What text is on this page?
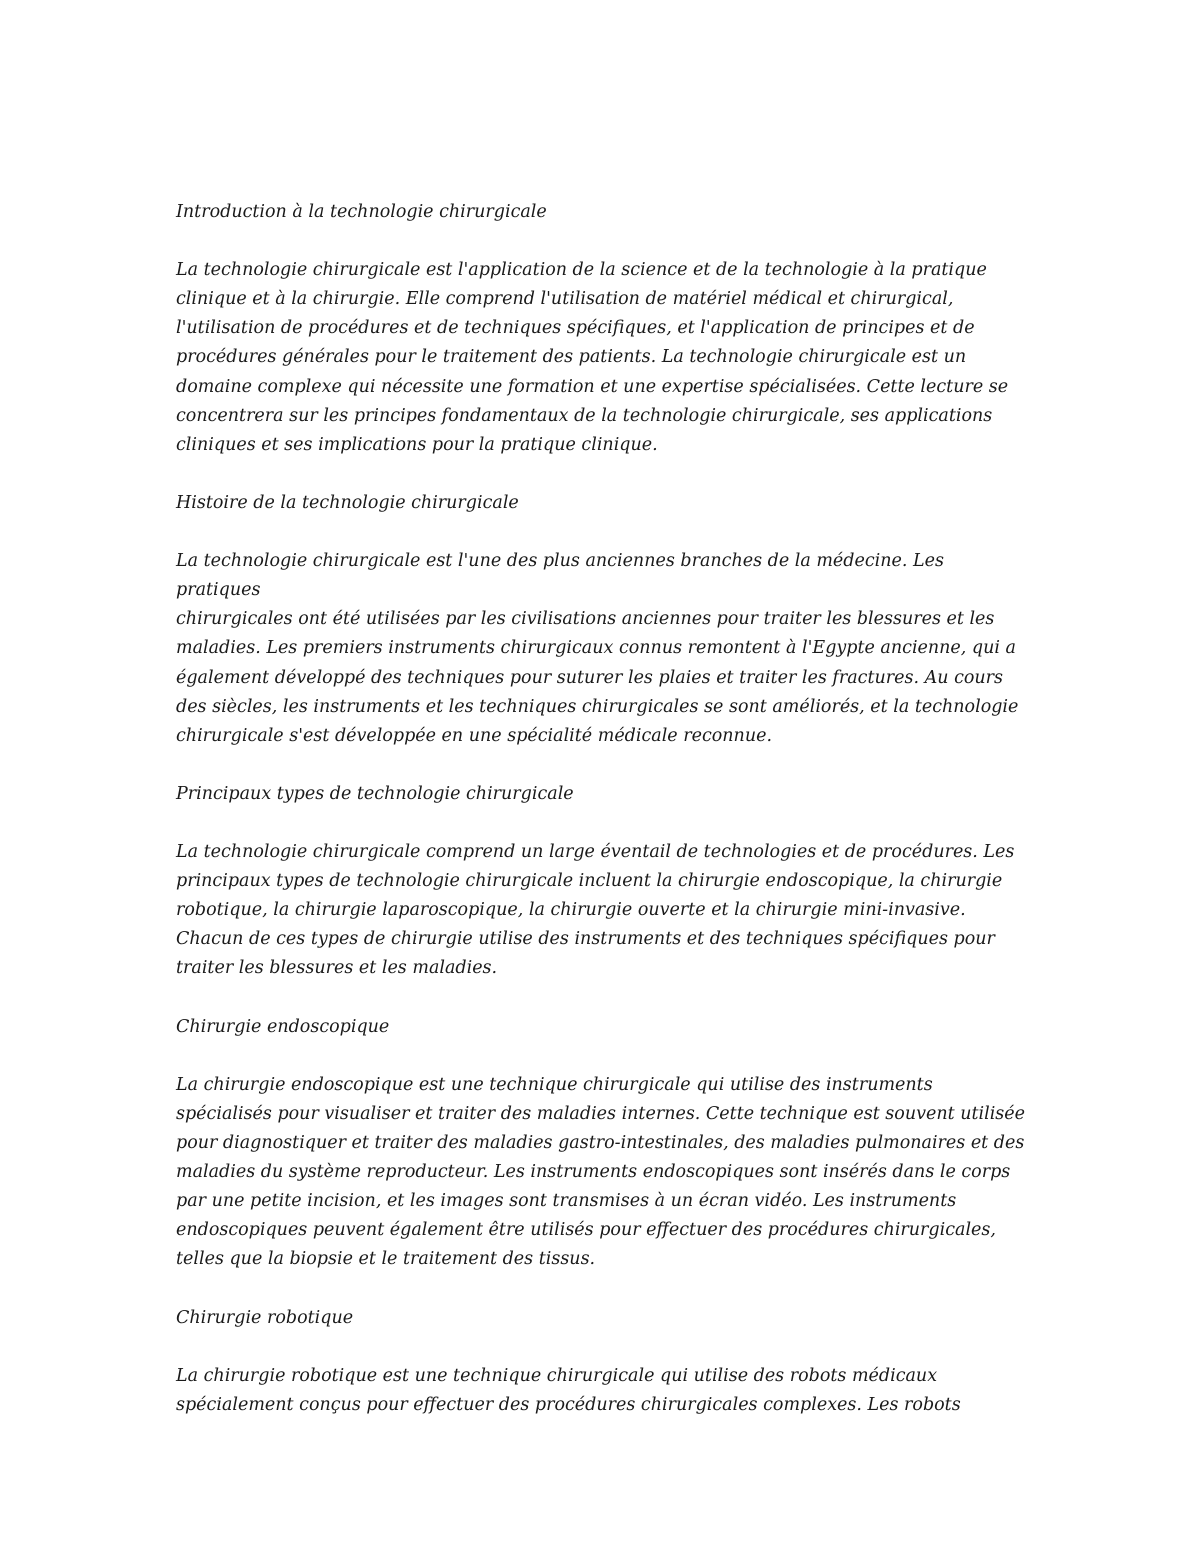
Introduction à la technologie chirurgicale
La technologie chirurgicale est l'application de la science et de la technologie à la pratique
clinique et à la chirurgie. Elle comprend l'utilisation de matériel médical et chirurgical,
l'utilisation de procédures et de techniques spécifiques, et l'application de principes et de
procédures générales pour le traitement des patients. La technologie chirurgicale est un
domaine complexe qui nécessite une formation et une expertise spécialisées. Cette lecture se
concentrera sur les principes fondamentaux de la technologie chirurgicale, ses applications
cliniques et ses implications pour la pratique clinique.
Histoire de la technologie chirurgicale
La technologie chirurgicale est l'une des plus anciennes branches de la médecine. Les pratiques
chirurgicales ont été utilisées par les civilisations anciennes pour traiter les blessures et les
maladies. Les premiers instruments chirurgicaux connus remontent à l'Egypte ancienne, qui a
également développé des techniques pour suturer les plaies et traiter les fractures. Au cours
des siècles, les instruments et les techniques chirurgicales se sont améliorés, et la technologie
chirurgicale s'est développée en une spécialité médicale reconnue.
Principaux types de technologie chirurgicale
La technologie chirurgicale comprend un large éventail de technologies et de procédures. Les
principaux types de technologie chirurgicale incluent la chirurgie endoscopique, la chirurgie
robotique, la chirurgie laparoscopique, la chirurgie ouverte et la chirurgie mini-invasive.
Chacun de ces types de chirurgie utilise des instruments et des techniques spécifiques pour
traiter les blessures et les maladies.
Chirurgie endoscopique
La chirurgie endoscopique est une technique chirurgicale qui utilise des instruments
spécialisés pour visualiser et traiter des maladies internes. Cette technique est souvent utilisée
pour diagnostiquer et traiter des maladies gastro-intestinales, des maladies pulmonaires et des
maladies du système reproducteur. Les instruments endoscopiques sont insérés dans le corps
par une petite incision, et les images sont transmises à un écran vidéo. Les instruments
endoscopiques peuvent également être utilisés pour effectuer des procédures chirurgicales,
telles que la biopsie et le traitement des tissus.
Chirurgie robotique
La chirurgie robotique est une technique chirurgicale qui utilise des robots médicaux
spécialement conçus pour effectuer des procédures chirurgicales complexes. Les robots
